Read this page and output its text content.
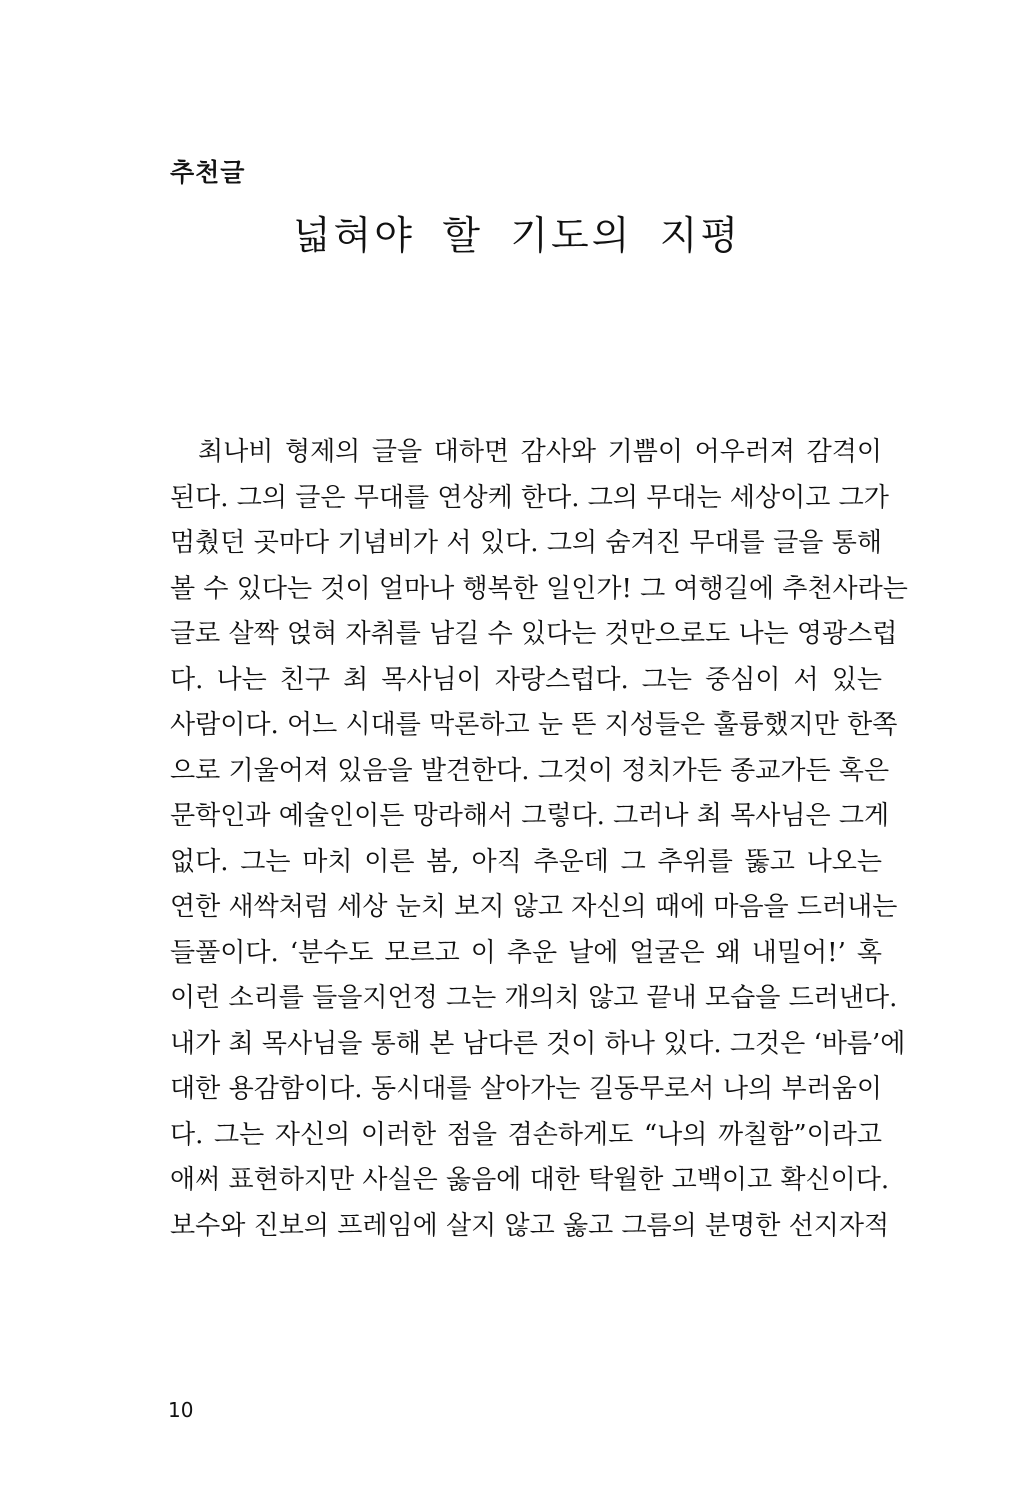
추천글
넓혀야 할 기도의 지평
최나비 형제의 글을 대하면 감사와 기쁨이 어우러져 감격이
된다. 그의 글은 무대를 연상케 한다. 그의 무대는 세상이고 그가
멈췄던 곳마다 기념비가 서 있다. 그의 숨겨진 무대를 글을 통해
볼 수 있다는 것이 얼마나 행복한 일인가! 그 여행길에 추천사라는
글로 살짝 얹혀 자취를 남길 수 있다는 것만으로도 나는 영광스럽
다. 나는 친구 최 목사님이 자랑스럽다. 그는 중심이 서 있는
사람이다. 어느 시대를 막론하고 눈 뜬 지성들은 훌륭했지만 한쪽
으로 기울어져 있음을 발견한다. 그것이 정치가든 종교가든 혹은
문학인과 예술인이든 망라해서 그렇다. 그러나 최 목사님은 그게
없다. 그는 마치 이른 봄, 아직 추운데 그 추위를 뚫고 나오는
연한 새싹처럼 세상 눈치 보지 않고 자신의 때에 마음을 드러내는
들풀이다. ‘분수도 모르고 이 추운 날에 얼굴은 왜 내밀어!’ 혹
이런 소리를 들을지언정 그는 개의치 않고 끝내 모습을 드러낸다.
내가 최 목사님을 통해 본 남다른 것이 하나 있다. 그것은 ‘바름’에
대한 용감함이다. 동시대를 살아가는 길동무로서 나의 부러움이
다. 그는 자신의 이러한 점을 겸손하게도 “나의 까칠함”이라고
애써 표현하지만 사실은 옳음에 대한 탁월한 고백이고 확신이다.
보수와 진보의 프레임에 살지 않고 옳고 그름의 분명한 선지자적

10
